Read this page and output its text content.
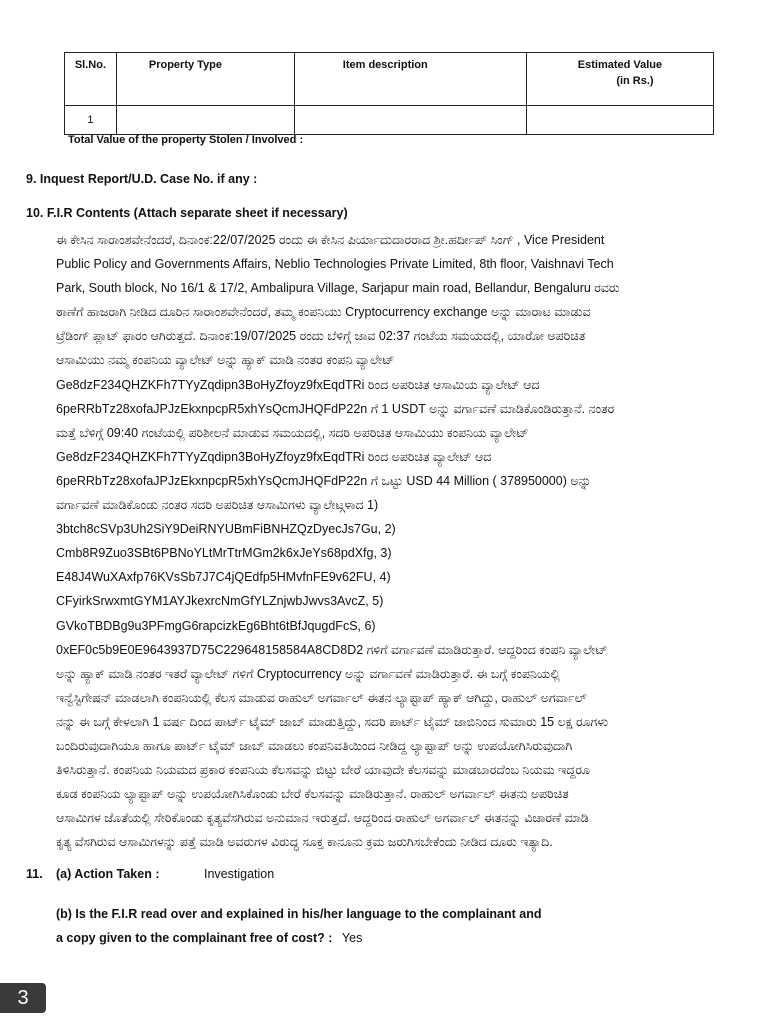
Sl.No.	Property Type	Item description	Estimated Value
(in Rs.)

1			
Total Value of the property Stolen / Involved :
9. Inquest Report/U.D. Case No. if any :
10. F.I.R Contents (Attach separate sheet if necessary)
ಈ ಕೇಸಿನ ಸಾರಾಂಶವೇನೆಂದರೆ, ದಿನಾಂಕ:22/07/2025 ರಂದು ಈ ಕೇಸಿನ ಪಿರ್ಯಾದುದಾರರಾದ ಶ್ರೀ.ಹರ್ದೀಪ್ ಸಿಂಗ್ , Vice President
Public Policy and Governments Affairs, Neblio Technologies Private Limited, 8th floor, Vaishnavi Tech
Park, South block, No 16/1 & 17/2, Ambalipura Village, Sarjapur main road, Bellandur, Bengaluru ರವರು
ಠಾಣೆಗೆ ಹಾಜರಾಗಿ ನೀಡಿದ ದೂರಿನ ಸಾರಾಂಶವೇನೆಂದರೆ, ತಮ್ಮ ಕಂಪನಿಯು Cryptocurrency exchange ಅನ್ನು ಮಾರಾಟ ಮಾಡುವ
ಟ್ರೆಡಿಂಗ್ ಪ್ಲಾಟ್ ಫಾರಂ ಆಗಿರುತ್ತದೆ. ದಿನಾಂಕ:19/07/2025 ರಂದು ಬೆಳಿಗ್ಗೆ ಜಾವ 02:37 ಗಂಟೆಯ ಸಮಯದಲ್ಲಿ, ಯಾರೋ ಅಪರಿಚಿತ
ಆಸಾಮಿಯು ನಮ್ಮ ಕಂಪನಿಯ ವ್ಯಾಲೇಟ್ ಅನ್ನು ಹ್ಯಾಕ್ ಮಾಡಿ ನಂತರ ಕಂಪನಿ ವ್ಯಾಲೇಟ್
Ge8dzF234QHZKFh7TYyZqdipn3BoHyZfoyz9fxEqdTRi ರಿಂದ ಅಪರಿಚಿತ ಆಸಾಮಿಯ ವ್ಯಾಲೇಟ್ ಆದ
6peRRbTz28xofaJPJzEkxnpcpR5xhYsQcmJHQFdP22n ಗೆ 1 USDT ಅನ್ನು ವರ್ಗಾವಣೆ ಮಾಡಿಕೊಂಡಿರುತ್ತಾನೆ. ನಂತರ
ಮತ್ತೆ ಬೆಳಿಗ್ಗೆ 09:40 ಗಂಟೆಯಲ್ಲಿ ಪರಿಶೀಲನೆ ಮಾಡುವ ಸಮಯದಲ್ಲಿ, ಸದರಿ ಅಪರಿಚಿತ ಆಸಾಮಿಯು ಕಂಪನಿಯ ವ್ಯಾಲೇಟ್
Ge8dzF234QHZKFh7TYyZqdipn3BoHyZfoyz9fxEqdTRi ರಿಂದ ಅಪರಿಚಿತ ವ್ಯಾಲೇಟ್ ಆದ
6peRRbTz28xofaJPJzEkxnpcpR5xhYsQcmJHQFdP22n ಗೆ ಒಟ್ಟು USD 44 Million ( 378950000) ಅನ್ನು
ವರ್ಗಾವಣೆ ಮಾಡಿಕೊಂಡು ನಂತರ ಸದರಿ ಅಪರಿಚಿತ ಆಸಾಮಿಗಳು ವ್ಯಾಲೇಟ್ಗಳಾದ 1)
3btch8cSVp3Uh2SiY9DeiRNYUBmFiBNHZQzDyecJs7Gu, 2)
Cmb8R9Zuo3SBt6PBNoYLtMrTtrMGm2k6xJeYs68pdXfg, 3)
E48J4WuXAxfp76KVsSb7J7C4jQEdfp5HMvfnFE9v62FU, 4)
CFyirkSrwxmtGYM1AYJkexrcNmGfYLZnjwbJwvs3AvcZ, 5)
GVkoTBDBg9u3PFmgG6rapcizkEg6Bht6tBfJqugdFcS, 6)
0xEF0c5b9E0E9643937D75C229648158584A8CD8D2 ಗಳಿಗೆ ವರ್ಗಾವಣೆ ಮಾಡಿರುತ್ತಾರೆ. ಆದ್ದರಿಂದ ಕಂಪನಿ ವ್ಯಾಲೇಟ್
ಅನ್ನು ಹ್ಯಾಕ್ ಮಾಡಿ ನಂತರ ಇತರೆ ವ್ಯಾಲೇಟ್ ಗಳಿಗೆ Cryptocurrency ಅನ್ನು ವರ್ಗಾವಣೆ ಮಾಡಿರುತ್ತಾರೆ. ಈ ಬಗ್ಗೆ ಕಂಪನಿಯಲ್ಲಿ
ಇನ್ವೆಸ್ಟಿಗೇಷನ್ ಮಾಡಲಾಗಿ ಕಂಪನಿಯಲ್ಲಿ ಕೆಲಸ ಮಾಡುವ ರಾಹುಲ್ ಅಗರ್ವಾಲ್ ಈತನ ಲ್ಯಾಪ್ಟಾಪ್ ಹ್ಯಾಕ್ ಆಗಿದ್ದು, ರಾಹುಲ್ ಅಗರ್ವಾಲ್
ನನ್ನು ಈ ಬಗ್ಗೆ ಕೇಳಲಾಗಿ 1 ವರ್ಷ ದಿಂದ ಪಾರ್ಟ್ ಟೈಮ್ ಜಾಬ್ ಮಾಡುತ್ತಿದ್ದು, ಸದರಿ ಪಾರ್ಟ್ ಟೈಮ್ ಜಾಬಿನಿಂದ ಸುಮಾರು 15 ಲಕ್ಷ ರೂಗಳು
ಬಂದಿರುವುದಾಗಿಯೂ ಹಾಗೂ ಪಾರ್ಟ್ ಟೈಮ್ ಜಾಬ್ ಮಾಡಲು ಕಂಪನಿವತಿಯಿಂದ ನೀಡಿದ್ದ ಲ್ಯಾಪ್ಟಾಪ್ ಅನ್ನು ಉಪಯೋಗಿಸಿರುವುದಾಗಿ
ತಿಳಿಸಿರುತ್ತಾನೆ. ಕಂಪನಿಯ ನಿಯಮದ ಪ್ರಕಾರ ಕಂಪನಿಯ ಕೆಲಸವನ್ನು ಬಿಟ್ಟು ಬೇರೆ ಯಾವುದೇ ಕೆಲಸವನ್ನು ಮಾಡಬಾರದೆಂಬ ನಿಯಮ ಇದ್ದರೂ
ಕೂಡ ಕಂಪನಿಯ ಲ್ಯಾಪ್ಟಾಪ್ ಅನ್ನು ಉಪಯೋಗಿಸಿಕೊಂಡು ಬೇರೆ ಕೆಲಸವನ್ನು ಮಾಡಿರುತ್ತಾನೆ. ರಾಹುಲ್ ಅಗರ್ವಾಲ್ ಈತನು ಅಪರಿಚಿತ
ಆಸಾಮಿಗಳ ಜೊತೆಯಲ್ಲಿ ಸೇರಿಕೊಂಡು ಕೃತ್ಯವೆಸಗಿರುವ ಅನುಮಾನ ಇರುತ್ತದೆ. ಆದ್ದರಿಂದ ರಾಹುಲ್ ಅಗರ್ವಾಲ್ ಈತನನ್ನು ವಿಚಾರಣೆ ಮಾಡಿ
ಕೃತ್ಯ ವೆಸಗಿರುವ ಆಸಾಮಿಗಳನ್ನು ಪತ್ತೆ ಮಾಡಿ ಅವರುಗಳ ವಿರುದ್ಧ ಸೂಕ್ತ ಕಾನೂನು ಕ್ರಮ ಜರುಗಿಸಬೇಕೆಂದು ನೀಡಿದ ದೂರು ಇತ್ಯಾದಿ.
11. (a) Action Taken :	Investigation
(b) Is the F.I.R read over and explained in his/her language to the complainant and
a copy given to the complainant free of cost? : Yes
3
